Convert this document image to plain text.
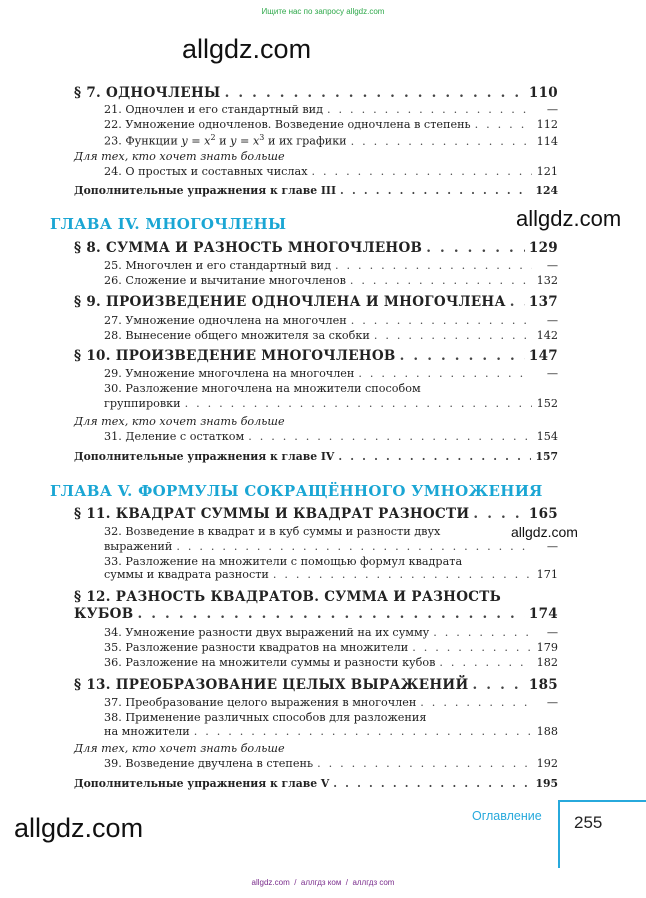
Ищите нас по запросу allgdz.com
allgdz.com
allgdz.com
allgdz.com
allgdz.com
§ 7. ОДНОЧЛЕНЫ . . .	110
21. Одночлен и его стандартный вид . . .	—
22. Умножение одночленов. Возведение одночлена в степень . . .	112
23. Функции $y = x^2$ и $y = x^3$ и их графики . . .	114
Для тех, кто хочет знать больше
24. О простых и составных числах . . .	121
Дополнительные упражнения к главе III . . .	124
ГЛАВА IV. МНОГОЧЛЕНЫ
§ 8. СУММА И РАЗНОСТЬ МНОГОЧЛЕНОВ . . .	129
25. Многочлен и его стандартный вид . . .	—
26. Сложение и вычитание многочленов . . .	132
§ 9. ПРОИЗВЕДЕНИЕ ОДНОЧЛЕНА И МНОГОЧЛЕНА . . . 137
27. Умножение одночлена на многочлен . . .	—
28. Вынесение общего множителя за скобки . . .	142
§ 10. ПРОИЗВЕДЕНИЕ МНОГОЧЛЕНОВ . . .	147
29. Умножение многочлена на многочлен . . .	—
30. Разложение многочлена на множители способом
группировки . . .	152
Для тех, кто хочет знать больше
31. Деление с остатком . . .	154
Дополнительные упражнения к главе IV . . .	157
ГЛАВА V. ФОРМУЛЫ СОКРАЩЁННОГО УМНОЖЕНИЯ
§ 11. КВАДРАТ СУММЫ И КВАДРАТ РАЗНОСТИ . . .	165
32. Возведение в квадрат и в куб суммы и разности двух
выражений . . .	—
33. Разложение на множители с помощью формул квадрата
суммы и квадрата разности . . .	171
§ 12. РАЗНОСТЬ КВАДРАТОВ. СУММА И РАЗНОСТЬ
КУБОВ . . .	174
34. Умножение разности двух выражений на их сумму . . .	—
35. Разложение разности квадратов на множители . . .	179
36. Разложение на множители суммы и разности кубов . . .	182
§ 13. ПРЕОБРАЗОВАНИЕ ЦЕЛЫХ ВЫРАЖЕНИЙ . . .	185
37. Преобразование целого выражения в многочлен . . .	—
38. Применение различных способов для разложения
на множители . . .	188
Для тех, кто хочет знать больше
39. Возведение двучлена в степень . . .	192
Дополнительные упражнения к главе V . . .	195
Оглавление 255
allgdz.com  /  аллгдз ком  /  аллгдз com
